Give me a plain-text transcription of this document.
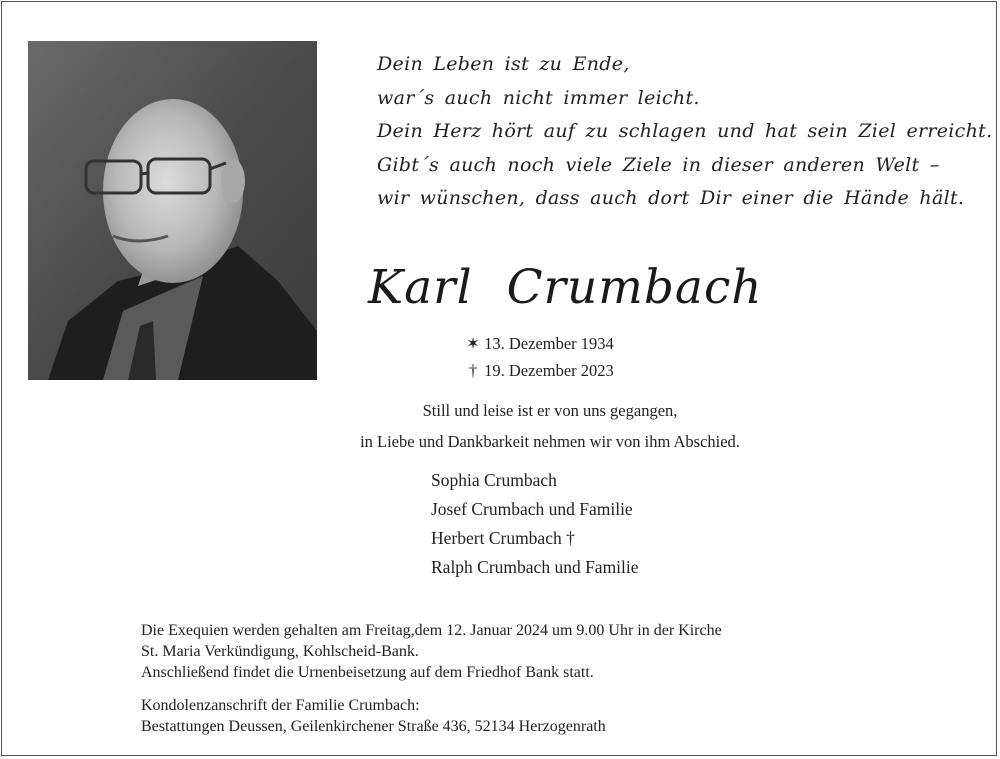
Dein Leben ist zu Ende,
war´s auch nicht immer leicht.
Dein Herz hört auf zu schlagen und hat sein Ziel erreicht.
Gibt´s auch noch viele Ziele in dieser anderen Welt –
wir wünschen, dass auch dort Dir einer die Hände hält.
Karl Crumbach
✶ 13. Dezember 1934
† 19. Dezember 2023
Still und leise ist er von uns gegangen,
in Liebe und Dankbarkeit nehmen wir von ihm Abschied.
Sophia Crumbach
Josef Crumbach und Familie
Herbert Crumbach †
Ralph Crumbach und Familie
Die Exequien werden gehalten am Freitag,dem 12. Januar 2024 um 9.00 Uhr in der Kirche
St. Maria Verkündigung, Kohlscheid-Bank.
Anschließend findet die Urnenbeisetzung auf dem Friedhof Bank statt.
Kondolenzanschrift der Familie Crumbach:
Bestattungen Deussen, Geilenkirchener Straße 436, 52134 Herzogenrath
